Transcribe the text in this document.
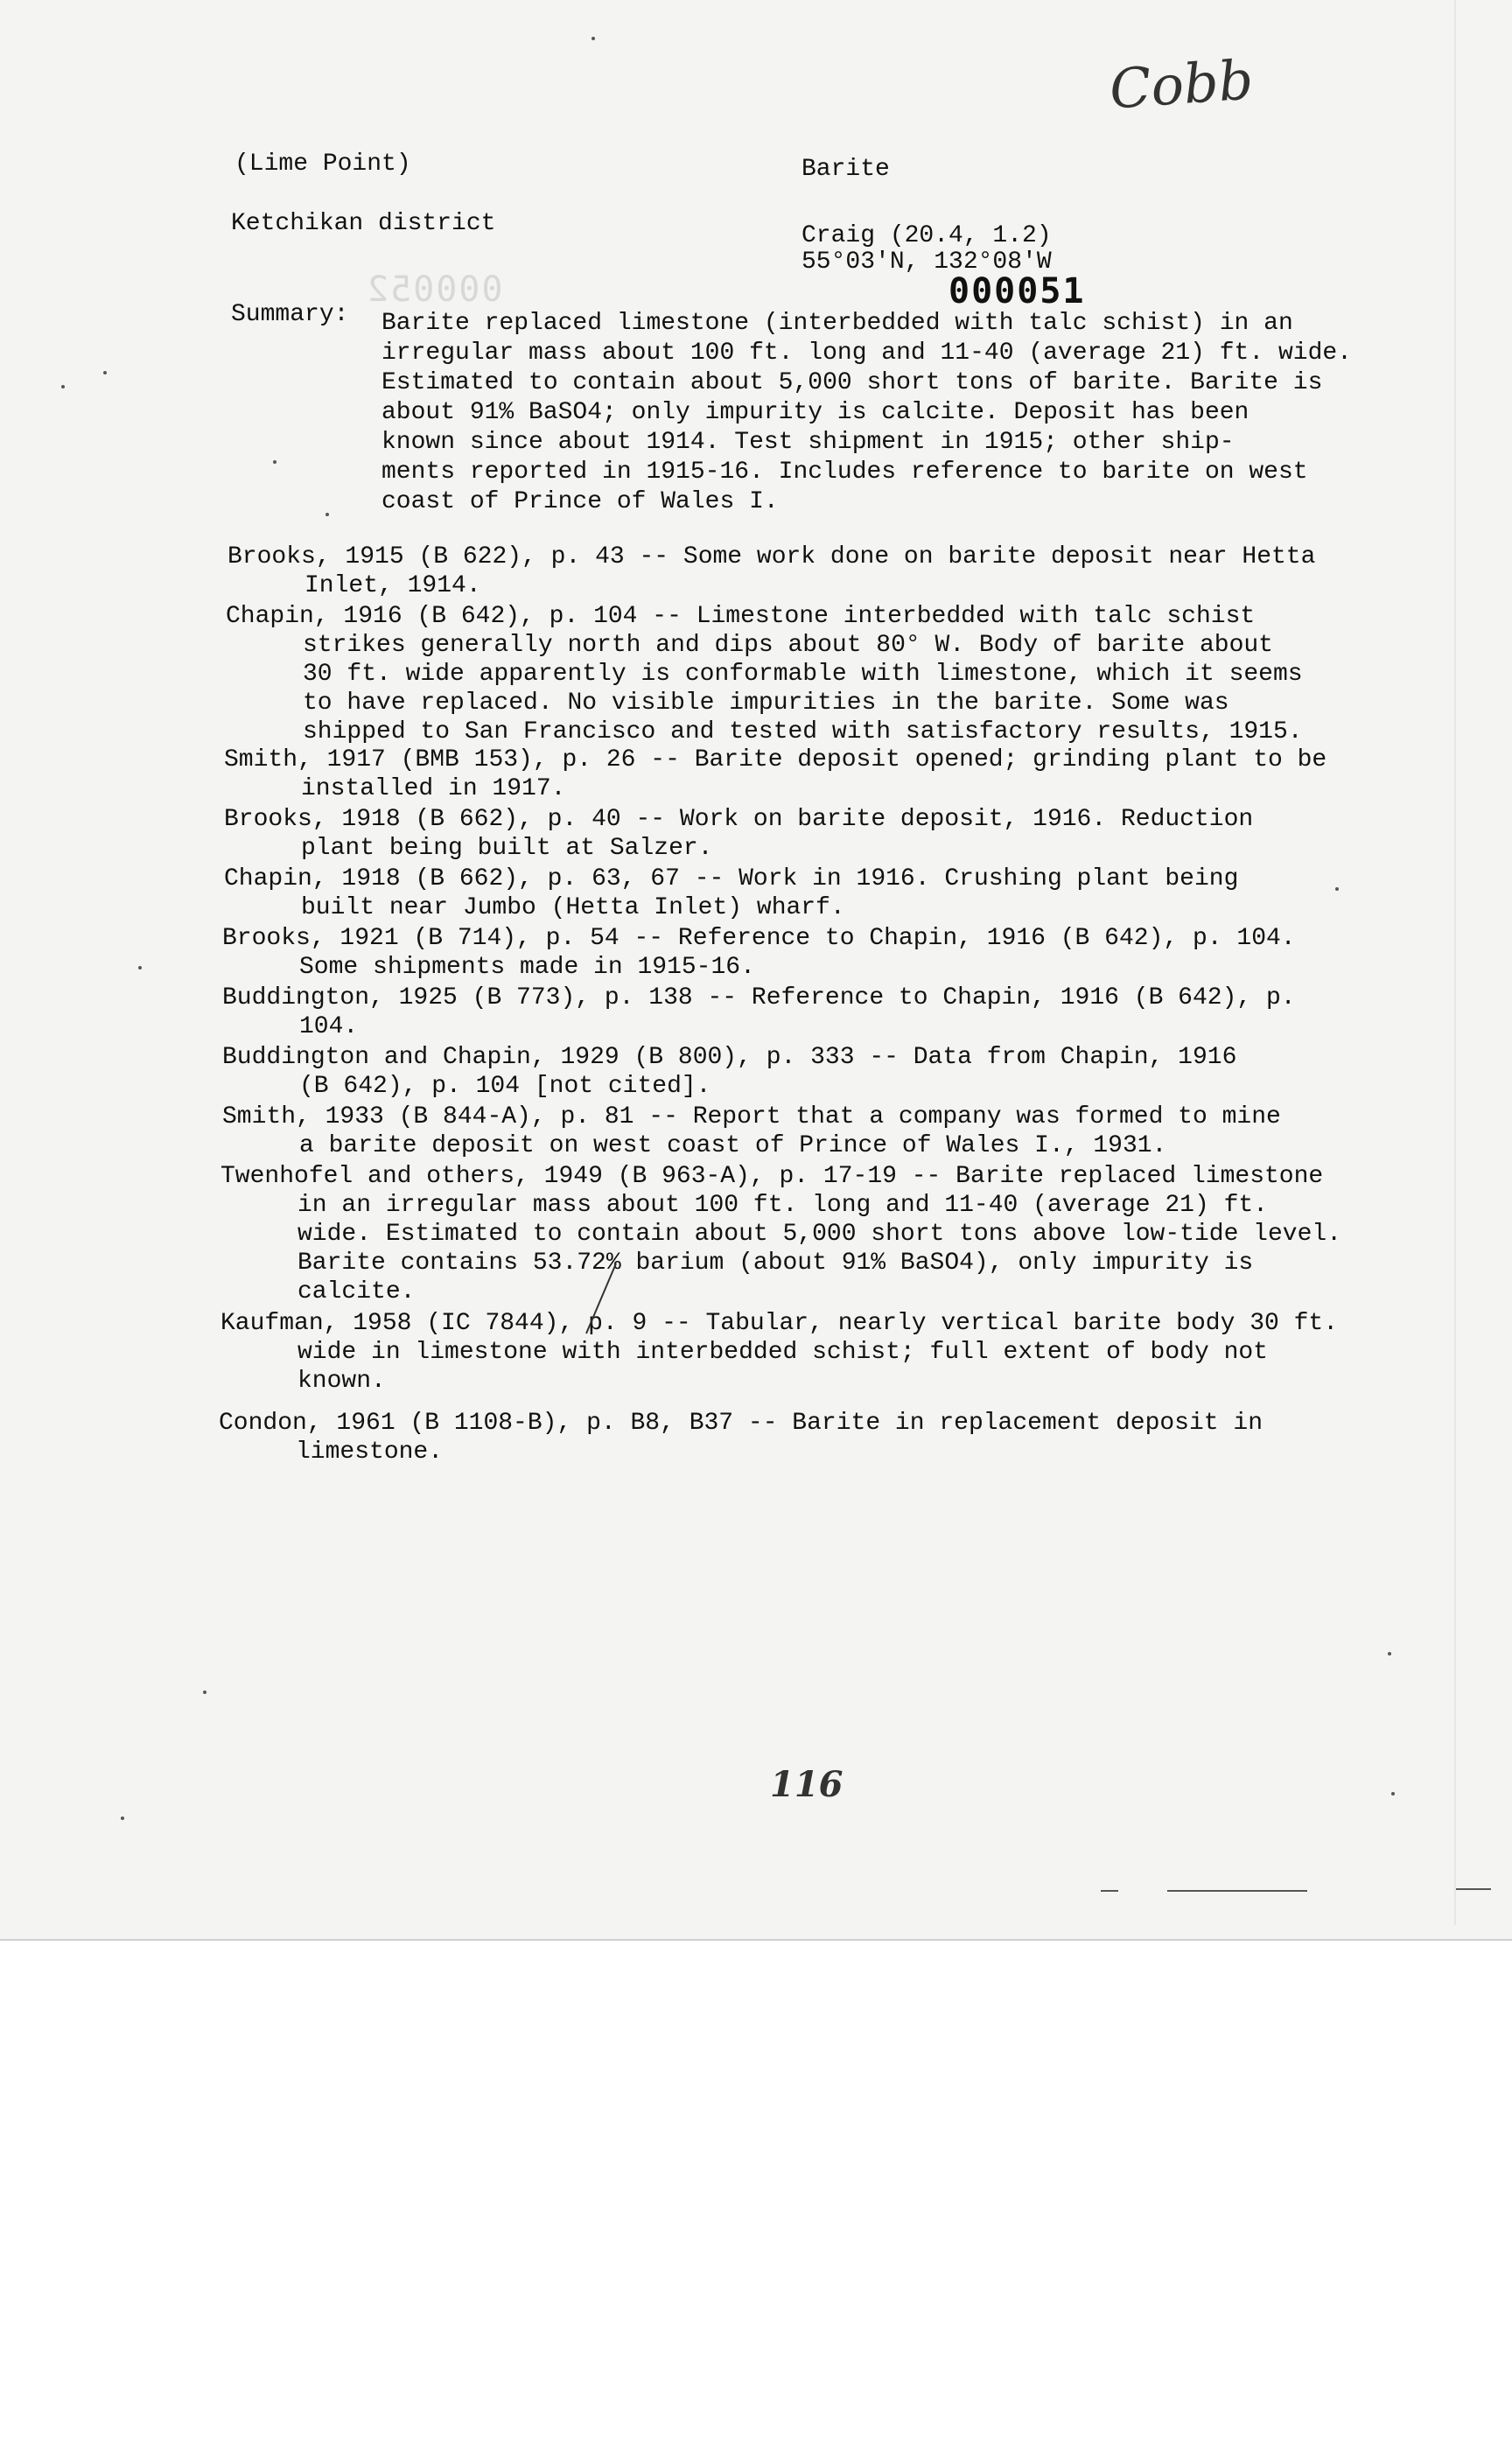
Cobb
(Lime Point)
Ketchikan district
Barite
Craig (20.4, 1.2)
55°03'N, 132°08'W
000052	000051
Summary: Barite replaced limestone (interbedded with talc schist) in an
irregular mass about 100 ft. long and 11-40 (average 21) ft. wide.
Estimated to contain about 5,000 short tons of barite. Barite is
about 91% BaSO4; only impurity is calcite. Deposit has been
known since about 1914. Test shipment in 1915; other ship-
ments reported in 1915-16. Includes reference to barite on west
coast of Prince of Wales I.
Brooks, 1915 (B 622), p. 43 -- Some work done on barite deposit near Hetta
Inlet, 1914.
Chapin, 1916 (B 642), p. 104 -- Limestone interbedded with talc schist
strikes generally north and dips about 80° W. Body of barite about
30 ft. wide apparently is conformable with limestone, which it seems
to have replaced. No visible impurities in the barite. Some was
shipped to San Francisco and tested with satisfactory results, 1915.
Smith, 1917 (BMB 153), p. 26 -- Barite deposit opened; grinding plant to be
installed in 1917.
Brooks, 1918 (B 662), p. 40 -- Work on barite deposit, 1916. Reduction
plant being built at Salzer.
Chapin, 1918 (B 662), p. 63, 67 -- Work in 1916. Crushing plant being
built near Jumbo (Hetta Inlet) wharf.
Brooks, 1921 (B 714), p. 54 -- Reference to Chapin, 1916 (B 642), p. 104.
Some shipments made in 1915-16.
Buddington, 1925 (B 773), p. 138 -- Reference to Chapin, 1916 (B 642), p.
104.
Buddington and Chapin, 1929 (B 800), p. 333 -- Data from Chapin, 1916
(B 642), p. 104 [not cited].
Smith, 1933 (B 844-A), p. 81 -- Report that a company was formed to mine
a barite deposit on west coast of Prince of Wales I., 1931.
Twenhofel and others, 1949 (B 963-A), p. 17-19 -- Barite replaced limestone
in an irregular mass about 100 ft. long and 11-40 (average 21) ft.
wide. Estimated to contain about 5,000 short tons above low-tide level.
Barite contains 53.72% barium (about 91% BaSO4), only impurity is
calcite.
Kaufman, 1958 (IC 7844), p. 9 -- Tabular, nearly vertical barite body 30 ft.
wide in limestone with interbedded schist; full extent of body not
known.
Condon, 1961 (B 1108-B), p. B8, B37 -- Barite in replacement deposit in
limestone.
116
